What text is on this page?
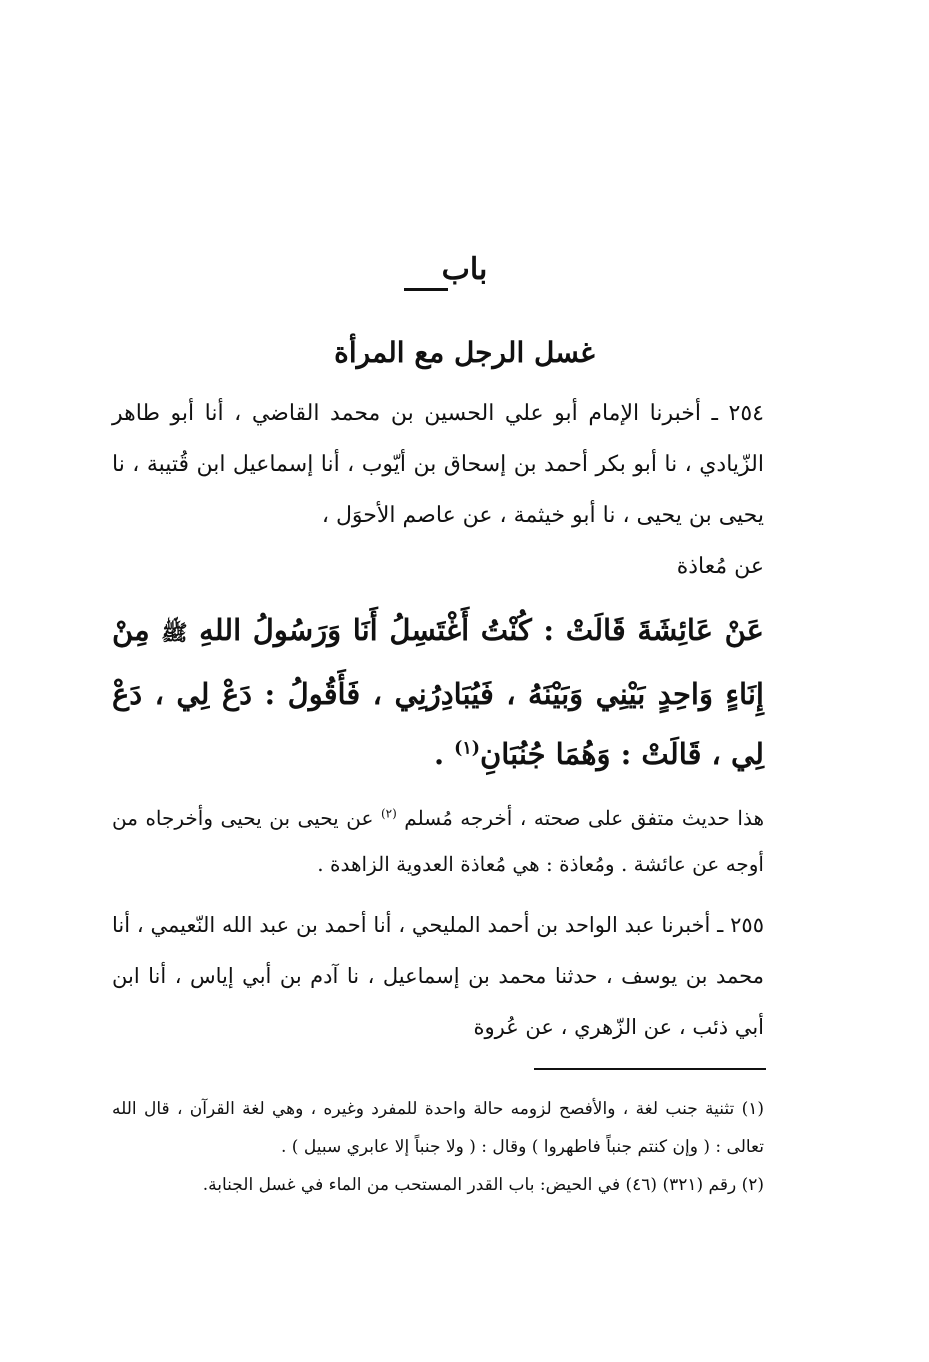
باب
غسل الرجل مع المرأة
٢٥٤ ـ أخبرنا الإمام أبو علي الحسين بن محمد القاضي ، أنا أبو طاهر الزّيادي ، نا أبو بكر أحمد بن إسحاق بن أيّوب ، أنا إسماعيل ابن قُتيبة ، نا يحيى بن يحيى ، نا أبو خيثمة ، عن عاصم الأحوَل ،
عن مُعاذة
عَنْ عَائِشَةَ قَالَتْ : كُنْتُ أَغْتَسِلُ أَنَا وَرَسُولُ اللهِ ﷺ مِنْ إِنَاءٍ وَاحِدٍ بَيْنِي وَبَيْنَهُ ، فَيُبَادِرُنِي ، فَأَقُولُ : دَعْ لِي ، دَعْ لِي ، قَالَتْ : وَهُمَا جُنُبَانِ$^{(١)}$ .
هذا حديث متفق على صحته ، أخرجه مُسلم $^{(٢)}$ عن يحيى بن يحيى وأخرجاه من أوجه عن عائشة . ومُعاذة : هي مُعاذة العدوية الزاهدة .
٢٥٥ ـ أخبرنا عبد الواحد بن أحمد المليحي ، أنا أحمد بن عبد الله النّعيمي ، أنا محمد بن يوسف ، حدثنا محمد بن إسماعيل ، نا آدم بن أبي إياس ، أنا ابن أبي ذئب ، عن الزّهري ، عن عُروة
(١) تثنية جنب لغة ، والأفصح لزومه حالة واحدة للمفرد وغيره ، وهي لغة القرآن ، قال الله تعالى : ( وإن كنتم جنباً فاطهروا ) وقال : ( ولا جنباً إلا عابري سبيل ) .
(٢) رقم (٣٢١) (٤٦) في الحيض: باب القدر المستحب من الماء في غسل الجنابة.
